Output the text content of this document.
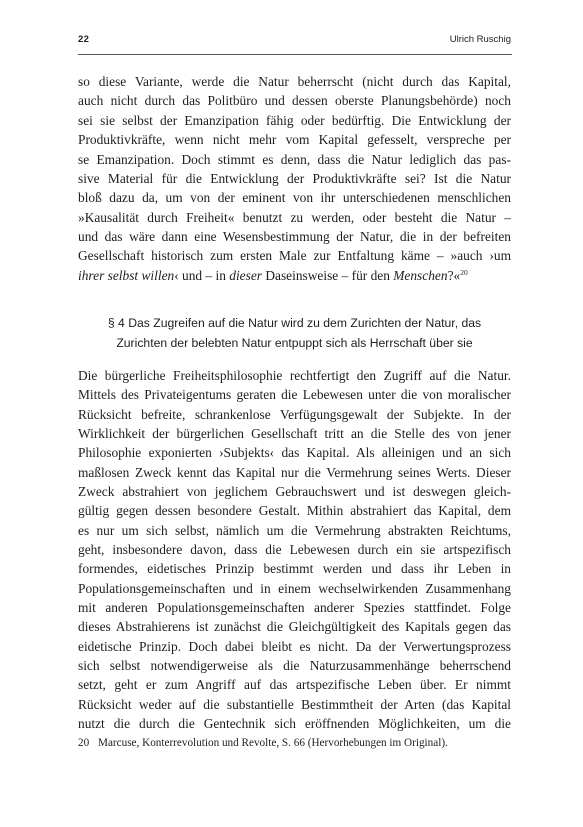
22	Ulrich Ruschig
so diese Variante, werde die Natur beherrscht (nicht durch das Kapital,
auch nicht durch das Politbüro und dessen oberste Planungsbehörde) noch
sei sie selbst der Emanzipation fähig oder bedürftig. Die Entwicklung der
Produktivkräfte, wenn nicht mehr vom Kapital gefesselt, verspreche per
se Emanzipation. Doch stimmt es denn, dass die Natur lediglich das pas-
sive Material für die Entwicklung der Produktivkräfte sei? Ist die Natur
bloß dazu da, um von der eminent von ihr unterschiedenen menschlichen
»Kausalität durch Freiheit« benutzt zu werden, oder besteht die Natur –
und das wäre dann eine Wesensbestimmung der Natur, die in der befreiten
Gesellschaft historisch zum ersten Male zur Entfaltung käme – »auch ›um
ihrer selbst willen‹ und – in dieser Daseinsweise – für den Menschen?«$^{20}$
§ 4 Das Zugreifen auf die Natur wird zu dem Zurichten der Natur, das
Zurichten der belebten Natur entpuppt sich als Herrschaft über sie
Die bürgerliche Freiheitsphilosophie rechtfertigt den Zugriff auf die Natur.
Mittels des Privateigentums geraten die Lebewesen unter die von moralischer
Rücksicht befreite, schrankenlose Verfügungsgewalt der Subjekte. In der
Wirklichkeit der bürgerlichen Gesellschaft tritt an die Stelle des von jener
Philosophie exponierten ›Subjekts‹ das Kapital. Als alleinigen und an sich
maßlosen Zweck kennt das Kapital nur die Vermehrung seines Werts. Dieser
Zweck abstrahiert von jeglichem Gebrauchswert und ist deswegen gleich-
gültig gegen dessen besondere Gestalt. Mithin abstrahiert das Kapital, dem
es nur um sich selbst, nämlich um die Vermehrung abstrakten Reichtums,
geht, insbesondere davon, dass die Lebewesen durch ein sie artspezifisch
formendes, eidetisches Prinzip bestimmt werden und dass ihr Leben in
Populationsgemeinschaften und in einem wechselwirkenden Zusammenhang
mit anderen Populationsgemeinschaften anderer Spezies stattfindet. Folge
dieses Abstrahierens ist zunächst die Gleichgültigkeit des Kapitals gegen das
eidetische Prinzip. Doch dabei bleibt es nicht. Da der Verwertungsprozess
sich selbst notwendigerweise als die Naturzusammenhänge beherrschend
setzt, geht er zum Angriff auf das artspezifische Leben über. Er nimmt
Rücksicht weder auf die substantielle Bestimmtheit der Arten (das Kapital
nutzt die durch die Gentechnik sich eröffnenden Möglichkeiten, um die
20 Marcuse, Konterrevolution und Revolte, S. 66 (Hervorhebungen im Original).
